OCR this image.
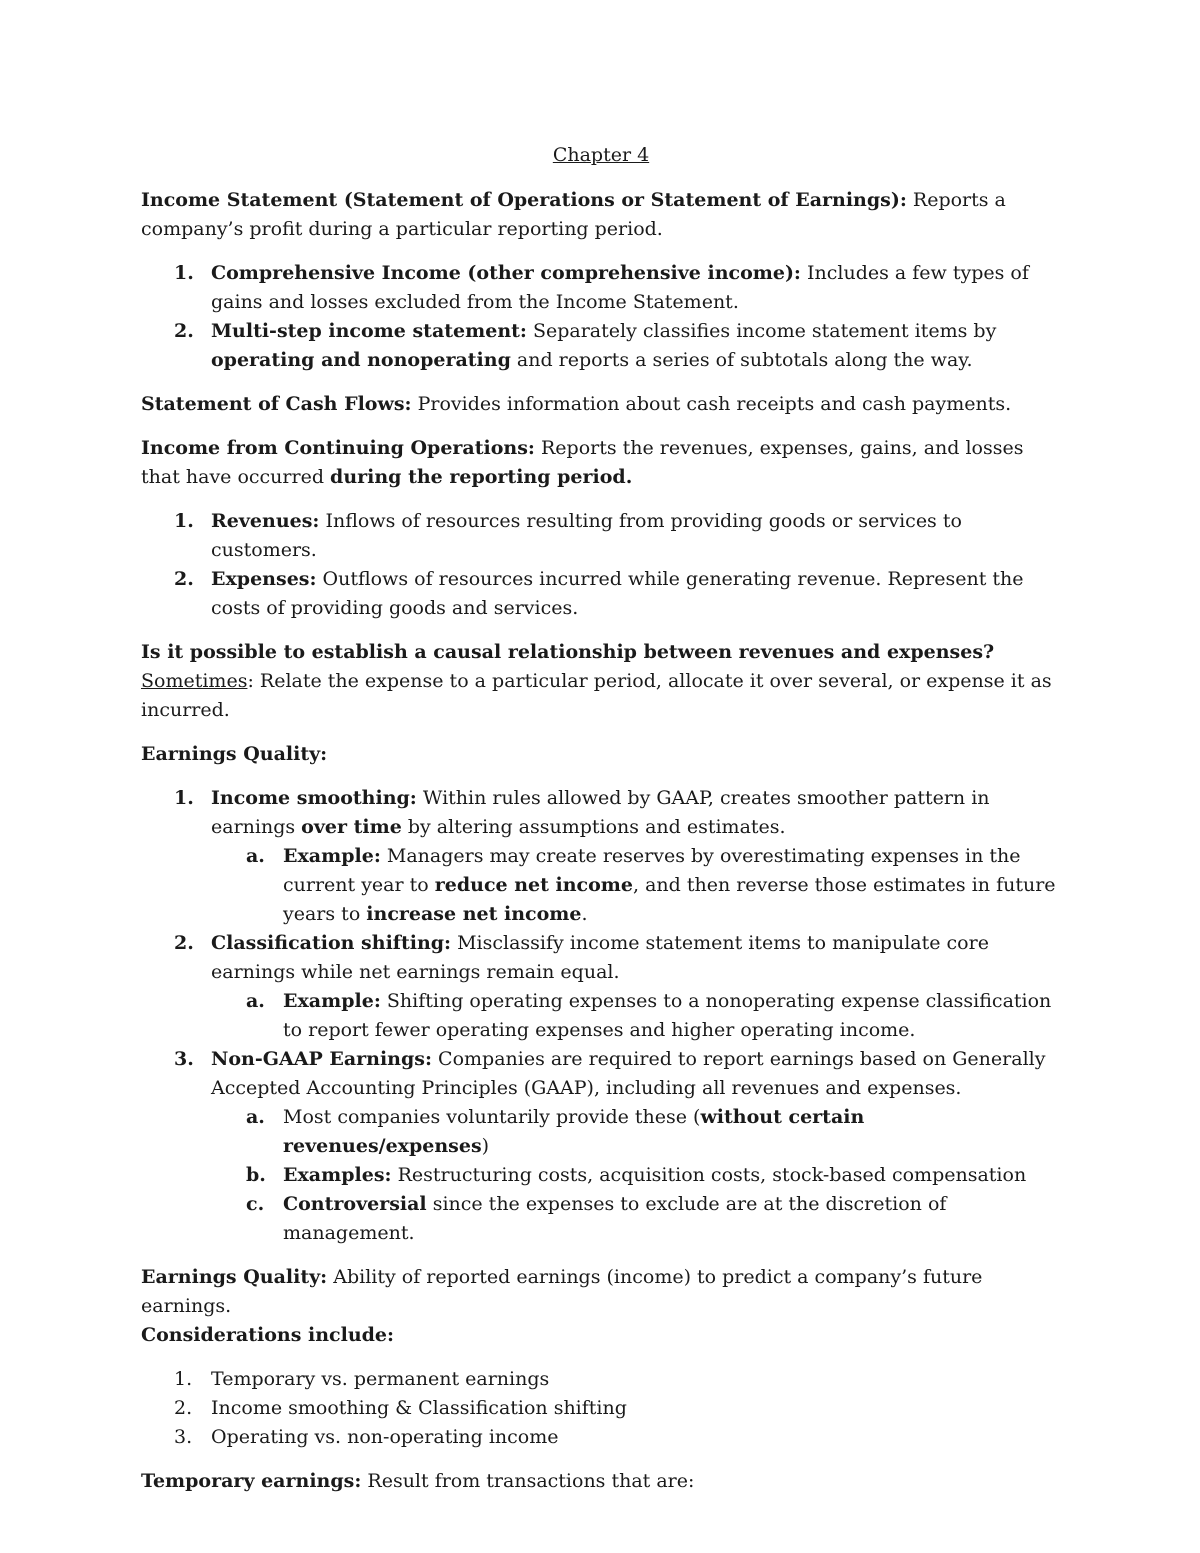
Chapter 4

Income Statement (Statement of Operations or Statement of Earnings): Reports a company’s profit during a particular reporting period.

1. Comprehensive Income (other comprehensive income): Includes a few types of gains and losses excluded from the Income Statement.
2. Multi-step income statement: Separately classifies income statement items by operating and nonoperating and reports a series of subtotals along the way.

Statement of Cash Flows: Provides information about cash receipts and cash payments.

Income from Continuing Operations: Reports the revenues, expenses, gains, and losses that have occurred during the reporting period.

1. Revenues: Inflows of resources resulting from providing goods or services to customers.
2. Expenses: Outflows of resources incurred while generating revenue. Represent the costs of providing goods and services.

Is it possible to establish a causal relationship between revenues and expenses? Sometimes: Relate the expense to a particular period, allocate it over several, or expense it as incurred.

Earnings Quality:

1. Income smoothing: Within rules allowed by GAAP, creates smoother pattern in earnings over time by altering assumptions and estimates.
a. Example: Managers may create reserves by overestimating expenses in the current year to reduce net income, and then reverse those estimates in future years to increase net income.
2. Classification shifting: Misclassify income statement items to manipulate core earnings while net earnings remain equal.
a. Example: Shifting operating expenses to a nonoperating expense classification to report fewer operating expenses and higher operating income.
3. Non-GAAP Earnings: Companies are required to report earnings based on Generally Accepted Accounting Principles (GAAP), including all revenues and expenses.
a. Most companies voluntarily provide these (without certain revenues/expenses)
b. Examples: Restructuring costs, acquisition costs, stock-based compensation
c. Controversial since the expenses to exclude are at the discretion of management.

Earnings Quality: Ability of reported earnings (income) to predict a company’s future earnings.
Considerations include:

1. Temporary vs. permanent earnings
2. Income smoothing & Classification shifting
3. Operating vs. non-operating income

Temporary earnings: Result from transactions that are:
